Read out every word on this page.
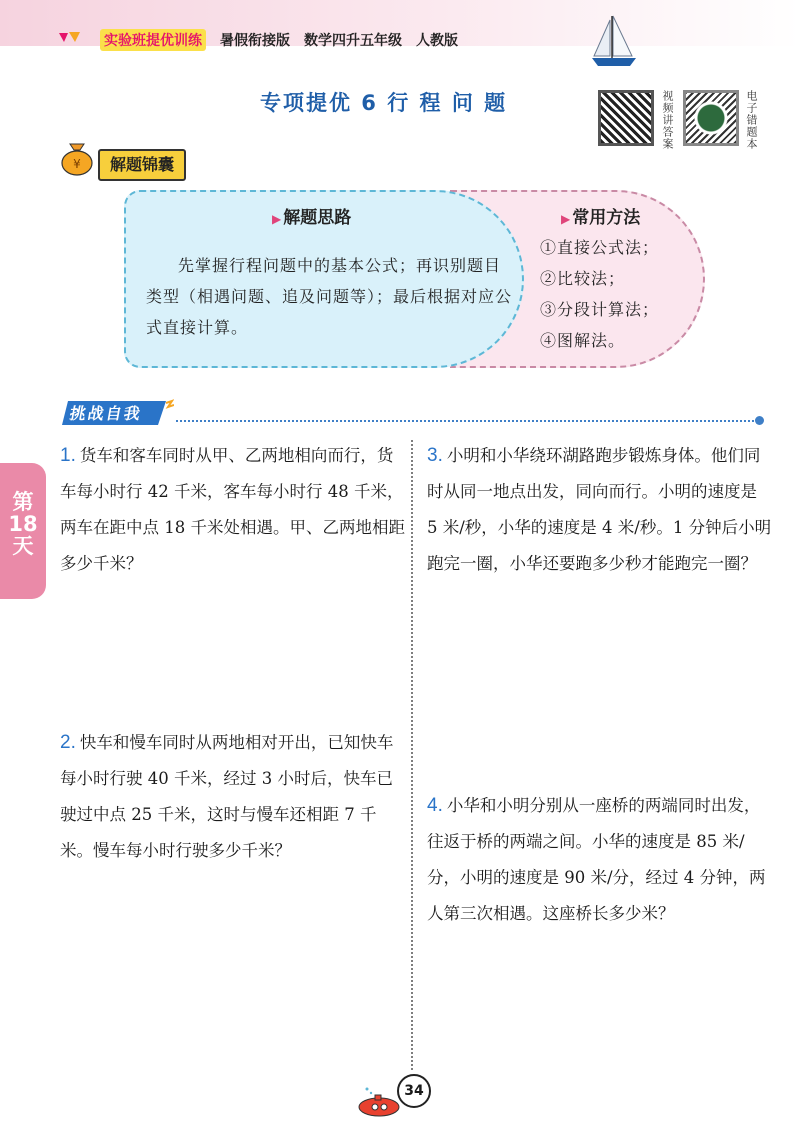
实验班提优训练 暑假衔接版 数学四升五年级 人教版
专项提优 6 行 程 问 题	视频讲答案	电子错题本
¥	解题锦囊
▶ 解题思路
先掌握行程问题中的基本公式；再识别题目类型（相遇问题、追及问题等）；最后根据对应公式直接计算。
▶ 常用方法
①直接公式法；
②比较法；
③分段计算法；
④图解法。
挑战自我
第
18
天
1. 货车和客车同时从甲、乙两地相向而行，货车每小时行 42 千米，客车每小时行 48 千米，两车在距中点 18 千米处相遇。甲、乙两地相距多少千米？
2. 快车和慢车同时从两地相对开出，已知快车每小时行驶 40 千米，经过 3 小时后，快车已驶过中点 25 千米，这时与慢车还相距 7 千米。慢车每小时行驶多少千米？
3. 小明和小华绕环湖路跑步锻炼身体。他们同时从同一地点出发，同向而行。小明的速度是 5 米/秒，小华的速度是 4 米/秒。1 分钟后小明跑完一圈，小华还要跑多少秒才能跑完一圈？
4. 小华和小明分别从一座桥的两端同时出发，往返于桥的两端之间。小华的速度是 85 米/分，小明的速度是 90 米/分，经过 4 分钟，两人第三次相遇。这座桥长多少米？
34
